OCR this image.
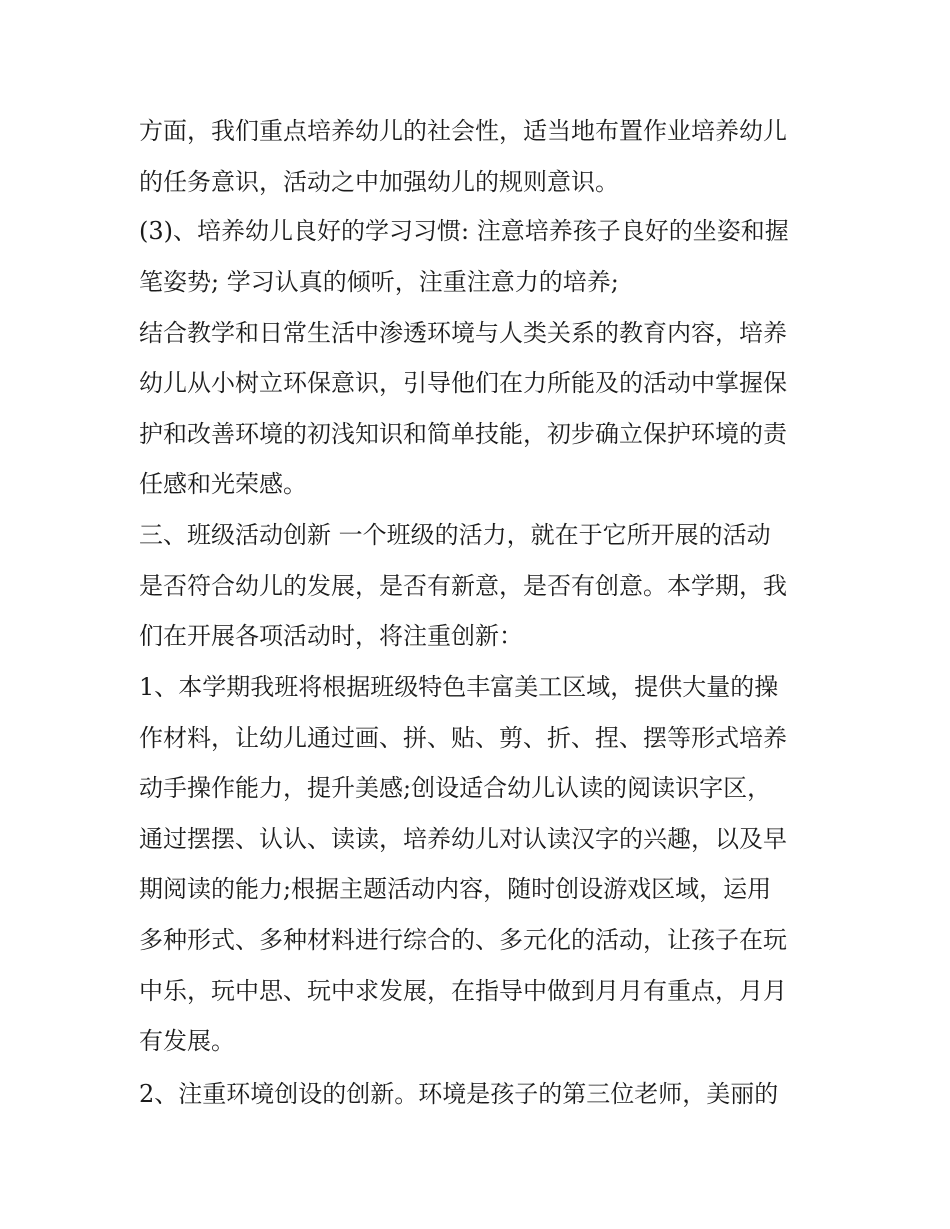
方面，我们重点培养幼儿的社会性，适当地布置作业培养幼儿
的任务意识，活动之中加强幼儿的规则意识。
(3)、培养幼儿良好的学习习惯: 注意培养孩子良好的坐姿和握
笔姿势; 学习认真的倾听，注重注意力的培养;
结合教学和日常生活中渗透环境与人类关系的教育内容，培养
幼儿从小树立环保意识，引导他们在力所能及的活动中掌握保
护和改善环境的初浅知识和简单技能，初步确立保护环境的责
任感和光荣感。
三、班级活动创新 一个班级的活力，就在于它所开展的活动
是否符合幼儿的发展，是否有新意，是否有创意。本学期，我
们在开展各项活动时，将注重创新：
1、本学期我班将根据班级特色丰富美工区域，提供大量的操
作材料，让幼儿通过画、拼、贴、剪、折、捏、摆等形式培养
动手操作能力，提升美感;创设适合幼儿认读的阅读识字区，
通过摆摆、认认、读读，培养幼儿对认读汉字的兴趣，以及早
期阅读的能力;根据主题活动内容，随时创设游戏区域，运用
多种形式、多种材料进行综合的、多元化的活动，让孩子在玩
中乐，玩中思、玩中求发展，在指导中做到月月有重点，月月
有发展。
2、注重环境创设的创新。环境是孩子的第三位老师，美丽的
